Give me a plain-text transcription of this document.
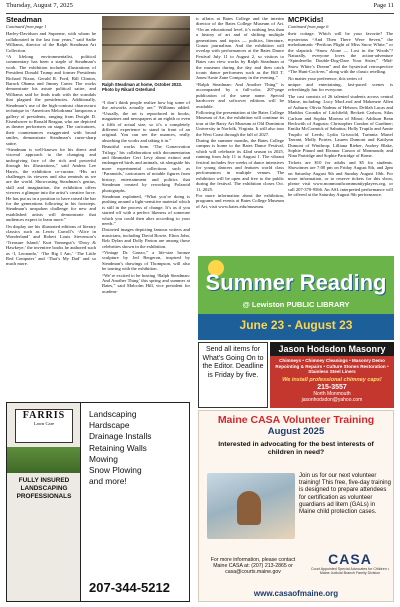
Thursday, August 7, 2025	Page 11
Steadman
Continued from page 1

Harley-Davidson and Supreme, with whom he collaborated in the last four years,” said Sadie Williams, director of the Ralph Steadman Art Collection.

“A lifelong environmentalist, political commentary has been a staple of Steadman’s work. The exhibition includes illustrations of President Donald Trump and former Presidents Richard Nixon, Gerald R. Ford, Bill Clinton, Barack Obama and Jimmy Carter. The works demonstrate his astute political satire, and Williams said he finds truth with the scandals that plagued the presidencies. Additionally, Steadman’s use of the high-contrast chiaroscuro technique in ‘American Melodrama’ lampoons a gallery of presidents, ranging from Dwight D. Eisenhower to Ronald Reagan, who are depicted as theater performers on stage. The caricatures, their countenances exaggerated with broad smiles, demonstrate Steadman’s razor-sharp satire.

“Steadman is well-known for his direct and visceral approach to the changing and unforgiving face of the rich and powerful through his illustrations,” said Andrea Lee Harris, the exhibition co-curator. “His art challenges its viewers and also reminds us we are the world. Showcasing Steadman’s genius, skill and imagination, the exhibition offers viewers a glimpse into the artist’s creative force. He has put us in a position to have raised the bar for the generations following in his footsteps. Steadman’s unspoken challenge for new and established artists will demonstrate that audiences expect to learn more.”

On display are his illustrated editions of literary classics such as Lewis Carroll’s ‘Alice in Wonderland’ and Robert Louis Stevenson’s ‘Treasure Island;’ Kurt Vonnegut’s ‘Doxy & Hawkeye;’ the inventive books he authored such as ‘I, Leonardo,’ ‘The Big I Am,’ ‘The Little Red Computer’ and ‘That’s My Dad’ and so much more.

Ralph Steadman at home, October 2023. Photo by Rikard Osterlund

“I don’t think people realize how big some of the artworks actually are,” Williams added. “Usually, the art is reproduced in books, magazines and newspapers at an eighth or even a fifth of actual size, so it’s a completely different experience to stand in front of an original. You can see the nuances, really absorbing the works and taking it in.”

Beautiful works from ‘The Gonzovation Trilogy,’ his collaboration with documentarian and filmmaker Ceri Levy about extinct and endangered birds and animals, sit alongside his more experimental collections such as ‘Paranoids,’ caricatures of notable figures from history, entertainment and politics that Steadman created by reworking Polaroid photographs.

Steadman explained, “What you’re doing is pushing around a light-sensitive material which is still in the process of change. It’s as if you started off with a perfect likeness of someone which you could then alter according to your needs.”

Distorted images depicting famous writers and musicians, including David Bowie, Elton John, Bob Dylan and Dolly Parton are among those celebrities shown in the exhibition.

“Vintage Dr. Gonzo,” a life-size bronze sculpture by Jed Bergeron, inspired by Steadman’s drawings of Thompson, will also be touring with the exhibition.

“We’re excited to be hosting ‘Ralph Steadman: And Another Thing’ this spring and summer at Bates,” said Malcolm Hill, vice president for academ-

ic affairs at Bates College and the interim director of the Bates College Museum of Art. “On an educational level, it’s nothing less than a history of art and of shifting multiple generations and topics — politics, literature, Gonzo journalism. And the exhibition will overlap with performances at the Bates Dance Festival July 11 to August 2, so visitors to Bates can view works by Ralph Steadman at the museum during the day and then catch iconic dance performers such as the Bill T. Jones/Arnie Zane Company in the evening.”

“Ralph Steadman: And Another Thing” is accompanied by a full-color, 207-page publication of the same name. Special hardcover and softcover editions will be available.

Following the presentation at the Bates College Museum of Art, the exhibition will continue its tour at the Barry Art Museum at Old Dominion University in Norfolk, Virginia. It will also tour the West Coast through the fall of 2027.

During the summer months, the Bates College campus is home to the Bates Dance Festival, which will celebrate its 42nd season in 2025, running from July 11 to August 1. The vibrant festival includes five weeks of dance intensives for young dancers and features world class performances in multiple venues. The exhibition will be open and free to the public during the festival. The exhibition closes Oct. 11, 2025.

For more information about the exhibition, programs and events at Bates College Museum of Art, visit www.bates.edu/museum.

MCPKids!
Continued from page 6

their cottage. Which will be your favorite? The mysterious “And Then There Were Seven,” the melodramatic “Perilous Plight of Miss Snow White,” or the slapstick “Snow Alone — Lost in the Woods”? Naturally, everyone loves the action-adventure “Spinderella: Double-Dog-Dare Your Sister,” “Mid-Snow White’s Dream” and the hysterical retrospective “The Hunt-Cock-en,” along with the classic retelling.

No matter your preference, this series of

unique and entertaining, fast-paced scenes is refreshingly fun for everyone.

The cast consists of 26 talented students across central Maine, including: Lucy MacLeod and Makenzie Allen of Auburn; Olivia Nadeau of Hebron; Delilah Lucas and Maddox Grondin of Litchfield; Beckett Carlson, Silas Carlson and Sophia Moreau of Minot; Addison Bean Beckwith of Augusta; Christopher Condon of Gardiner; Emilia McCormick of Sabattus; Holly Trupilo and Annie Trupilo of Leeds; Lydia Griswold, Tarinnia Martel Tarrant, Molly Poirier, Lauren Dumont and Kaitlynn Dumont of Winthrop; Lilliana Rieber, Audrey Blake, Sophie Pinard and Eleanor Carson of Monmouth; and Nina Partridge and Sophie Partridge of Rome.

Tickets are $10 for adults and $5 for students. Showtimes are 7:00 pm on Friday August 8th, and 2pm on Saturday August 9th and Sunday August 10th. For more information, or to reserve tickets for this show, please visit www.monmouthcommunityplayers.org, or call 207-370-9566. An ASL interpreted performance will be offered at the Saturday August 9th performance.

Summer Reading
@ Lewiston PUBLIC LIBRARY
June 23 - August 23
Send all items for What’s Going On to the Editor. Deadline is Friday by five.
Jason Hodsdon Masonry
Chimneys • Chimney Cleanings • Masonry Demo Repointing & Repairs • Culture Stones Restoration • Stainless Steel Liners
We install professional chimney caps!
215-3557
North Monmouth
jasonhodsdon@yahoo.com
FARRIS
Lawn Care
FULLY INSURED LANDSCAPING PROFESSIONALS
Landscaping
Hardscape
Drainage Installs
Retaining Walls
Mowing
Snow Plowing
and more!
207-344-5212
Maine CASA Volunteer Training
August 2025
Interested in advocating for the best interests of children in need?
Join us for our next volunteer training! This free, five-day training is designed to prepare attendees for certification as volunteer guardians ad litem (GALs) in Maine child protection cases.
For more information, please contact Maine CASA at: (207) 213-2865 or casa@courts.maine.gov
CASA
Court Appointed Special Advocates for Children • Maine Judicial Branch Family Division
www.casaofmaine.org
